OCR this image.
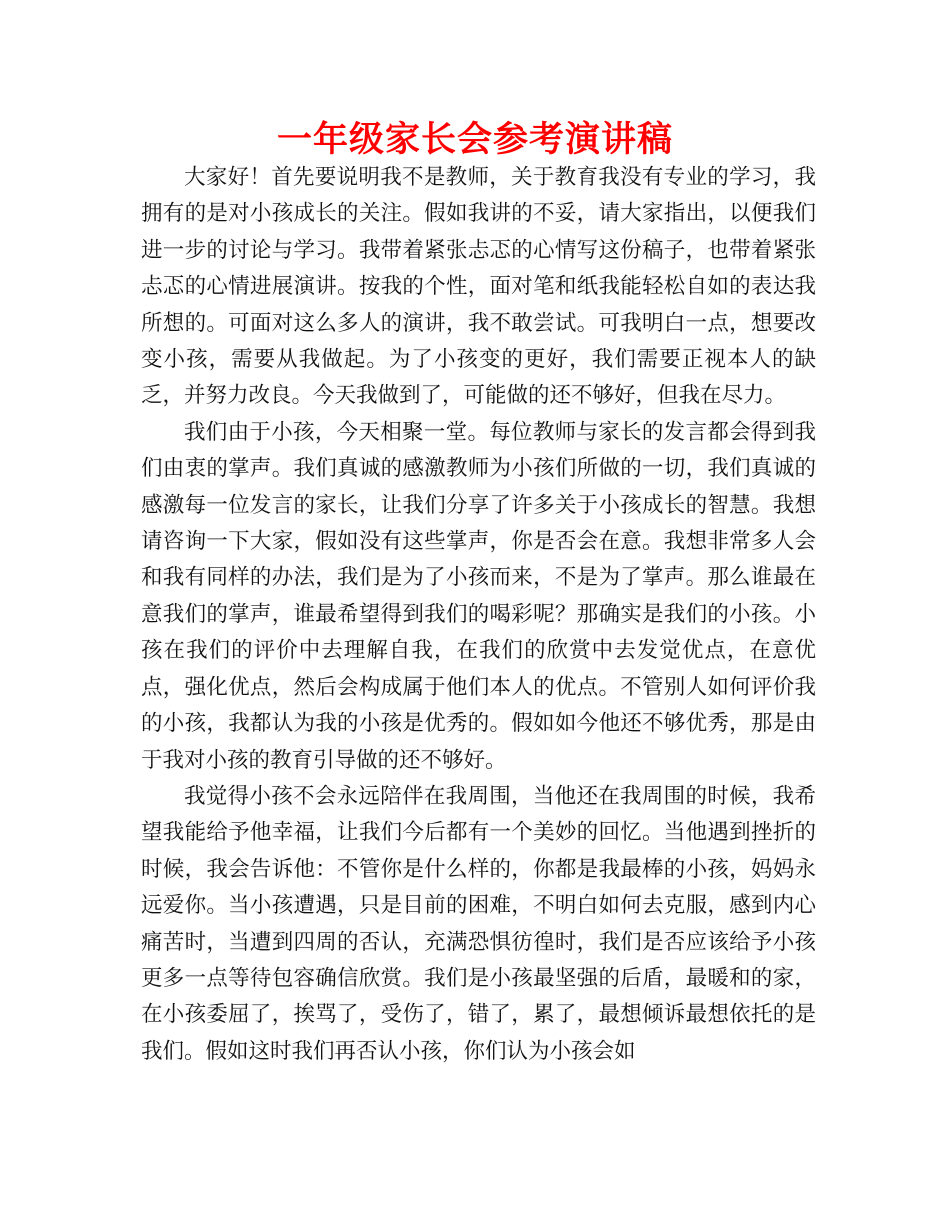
一年级家长会参考演讲稿

大家好！首先要说明我不是教师，关于教育我没有专业的学习，我拥有的是对小孩成长的关注。假如我讲的不妥，请大家指出，以便我们进一步的讨论与学习。我带着紧张忐忑的心情写这份稿子，也带着紧张忐忑的心情进展演讲。按我的个性，面对笔和纸我能轻松自如的表达我所想的。可面对这么多人的演讲，我不敢尝试。可我明白一点，想要改变小孩，需要从我做起。为了小孩变的更好，我们需要正视本人的缺乏，并努力改良。今天我做到了，可能做的还不够好，但我在尽力。

我们由于小孩，今天相聚一堂。每位教师与家长的发言都会得到我们由衷的掌声。我们真诚的感激教师为小孩们所做的一切，我们真诚的感激每一位发言的家长，让我们分享了许多关于小孩成长的智慧。我想请咨询一下大家，假如没有这些掌声，你是否会在意。我想非常多人会和我有同样的办法，我们是为了小孩而来，不是为了掌声。那么谁最在意我们的掌声，谁最希望得到我们的喝彩呢？那确实是我们的小孩。小孩在我们的评价中去理解自我，在我们的欣赏中去发觉优点，在意优点，强化优点，然后会构成属于他们本人的优点。不管别人如何评价我的小孩，我都认为我的小孩是优秀的。假如如今他还不够优秀，那是由于我对小孩的教育引导做的还不够好。

我觉得小孩不会永远陪伴在我周围，当他还在我周围的时候，我希望我能给予他幸福，让我们今后都有一个美妙的回忆。当他遇到挫折的时候，我会告诉他：不管你是什么样的，你都是我最棒的小孩，妈妈永远爱你。当小孩遭遇，只是目前的困难，不明白如何去克服，感到内心痛苦时，当遭到四周的否认，充满恐惧彷徨时，我们是否应该给予小孩更多一点等待包容确信欣赏。我们是小孩最坚强的后盾，最暖和的家，在小孩委屈了，挨骂了，受伤了，错了，累了，最想倾诉最想依托的是我们。假如这时我们再否认小孩，你们认为小孩会如
